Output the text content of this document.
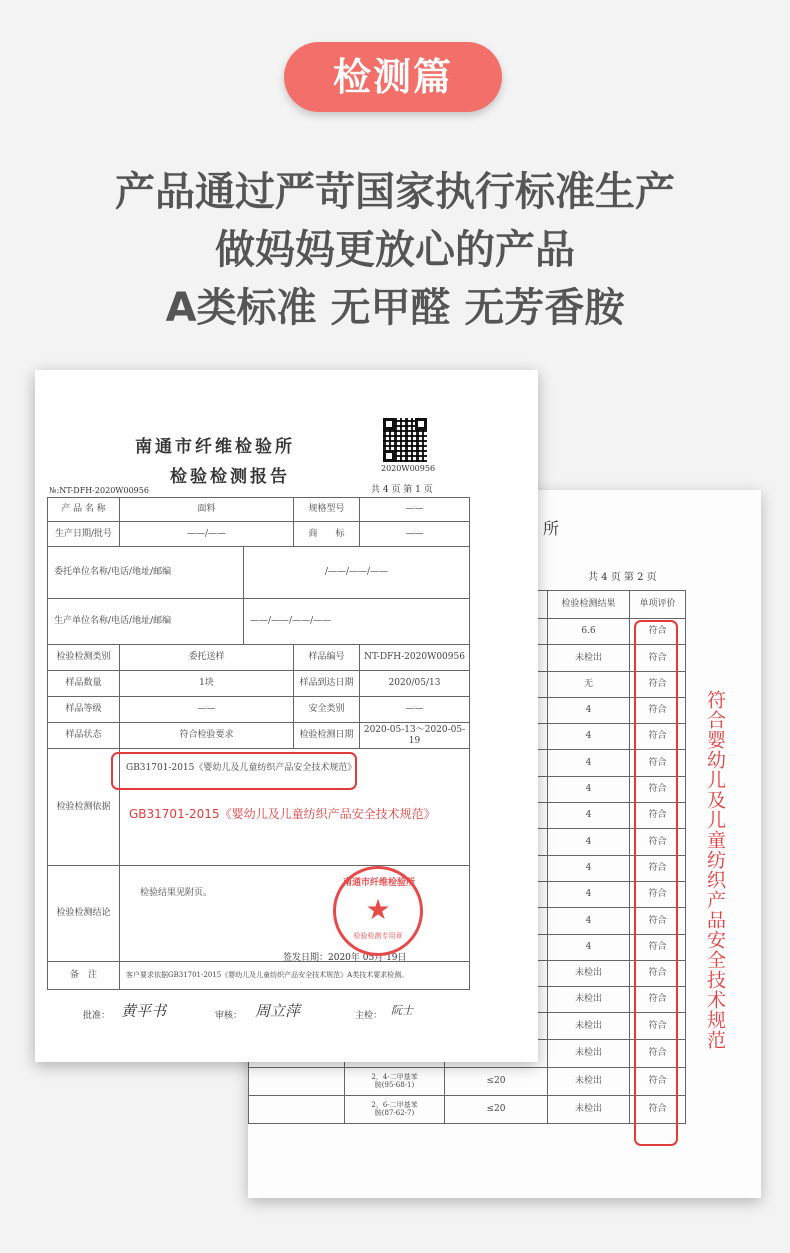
检测篇
产品通过严苛国家执行标准生产
做妈妈更放心的产品
A类标准 无甲醛 无芳香胺
所
共 4 页 第 2 页
			检验检测结果	单项评价
			6.6	符合
			未检出	符合
			无	符合
			4	符合
			4	符合
			4	符合
			4	符合
			4	符合
			4	符合
			4	符合
			4	符合
			4	符合
			4	符合
			未检出	符合
			未检出	符合
			未检出	符合
			未检出	符合
	2，4-二甲基苯
胺(95-68-1)	≤20	未检出	符合
	2，6-二甲基苯
胺(87-62-7)	≤20	未检出	符合
南通市纤维检验所
检验检测报告	2020W00956
№:NT-DFH-2020W00956	共 4 页 第 1 页
产 品 名 称	面料		规格型号	——
生产日期/批号	——/——		商　　标	——
委托单位名称/电话/地址/邮编		/——/——/——		
生产单位名称/电话/地址/邮编		——/——/——/——		
检验检测类别	委托送样		样品编号	NT-DFH-2020W00956
样品数量	1块		样品到达日期	2020/05/13
样品等级	——		安全类别	——
样品状态	符合检验要求		检验检测日期	2020-05-13～2020-05-19
检验检测依据	GB31701-2015《婴幼儿及儿童纺织产品安全技术规范》			
检验检测结论	检验结果见附页。			
备　注	客户要求依据GB31701-2015《婴幼儿及儿童纺织产品安全技术规范》A类技术要求检测。			
签发日期：2020年 05月 19日
GB31701-2015《婴幼儿及儿童纺织产品安全技术规范》
南通市纤维检验所
★
检验检测专用章
批准： 黄平书	审核： 周立萍	主检： 阮士	符合婴幼儿及儿童纺织产品安全技术规范
